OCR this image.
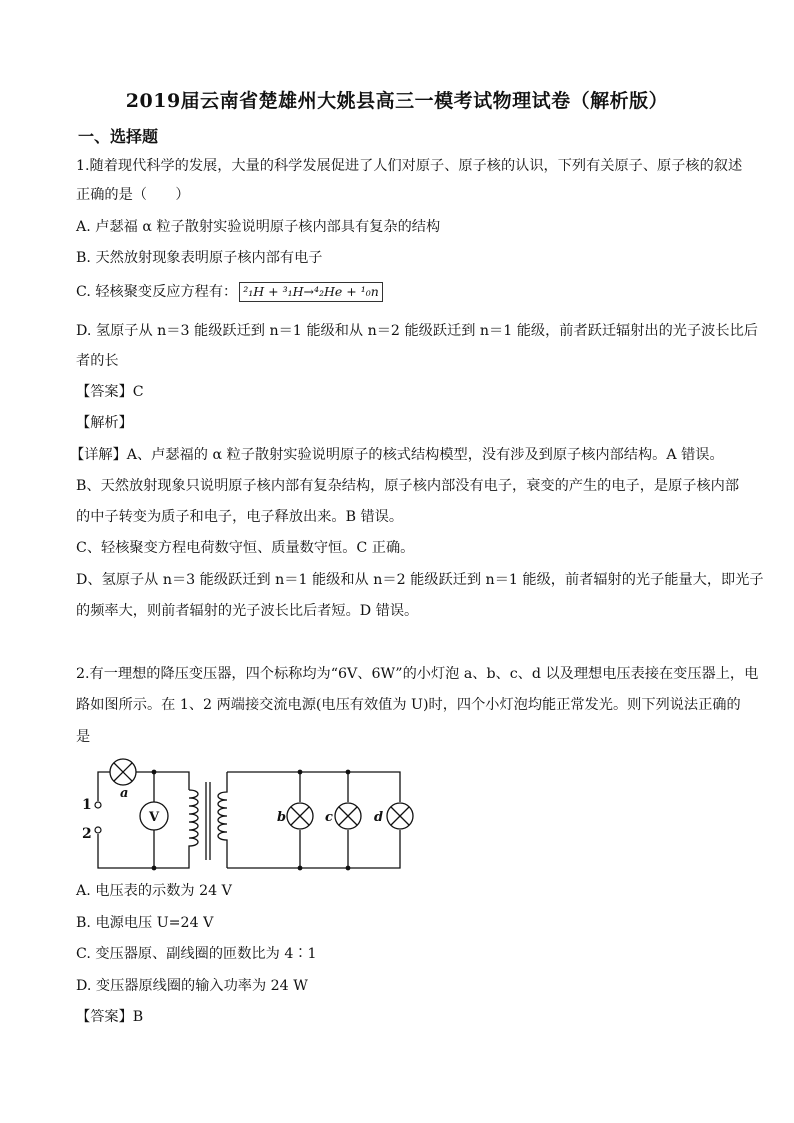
2019届云南省楚雄州大姚县高三一模考试物理试卷（解析版）
一、选择题
1.随着现代科学的发展，大量的科学发展促进了人们对原子、原子核的认识，下列有关原子、原子核的叙述
正确的是（　　）
A. 卢瑟福 α 粒子散射实验说明原子核内部具有复杂的结构
B. 天然放射现象表明原子核内部有电子
C. 轻核聚变反应方程有： ²₁H + ³₁H→⁴₂He + ¹₀n
D. 氢原子从 n＝3 能级跃迁到 n＝1 能级和从 n＝2 能级跃迁到 n＝1 能级，前者跃迁辐射出的光子波长比后
者的长
【答案】C
【解析】
【详解】A、卢瑟福的 α 粒子散射实验说明原子的核式结构模型，没有涉及到原子核内部结构。A 错误。
B、天然放射现象只说明原子核内部有复杂结构，原子核内部没有电子，衰变的产生的电子，是原子核内部
的中子转变为质子和电子，电子释放出来。B 错误。
C、轻核聚变方程电荷数守恒、质量数守恒。C 正确。
D、氢原子从 n＝3 能级跃迁到 n＝1 能级和从 n＝2 能级跃迁到 n＝1 能级，前者辐射的光子能量大，即光子
的频率大，则前者辐射的光子波长比后者短。D 错误。
2.有一理想的降压变压器，四个标称均为“6V、6W”的小灯泡 a、b、c、d 以及理想电压表接在变压器上，电
路如图所示。在 1、2 两端接交流电源(电压有效值为 U)时，四个小灯泡均能正常发光。则下列说法正确的
是
1
2
V
a
b	c	d
A. 电压表的示数为 24 V
B. 电源电压 U=24 V
C. 变压器原、副线圈的匝数比为 4∶1
D. 变压器原线圈的输入功率为 24 W
【答案】B
